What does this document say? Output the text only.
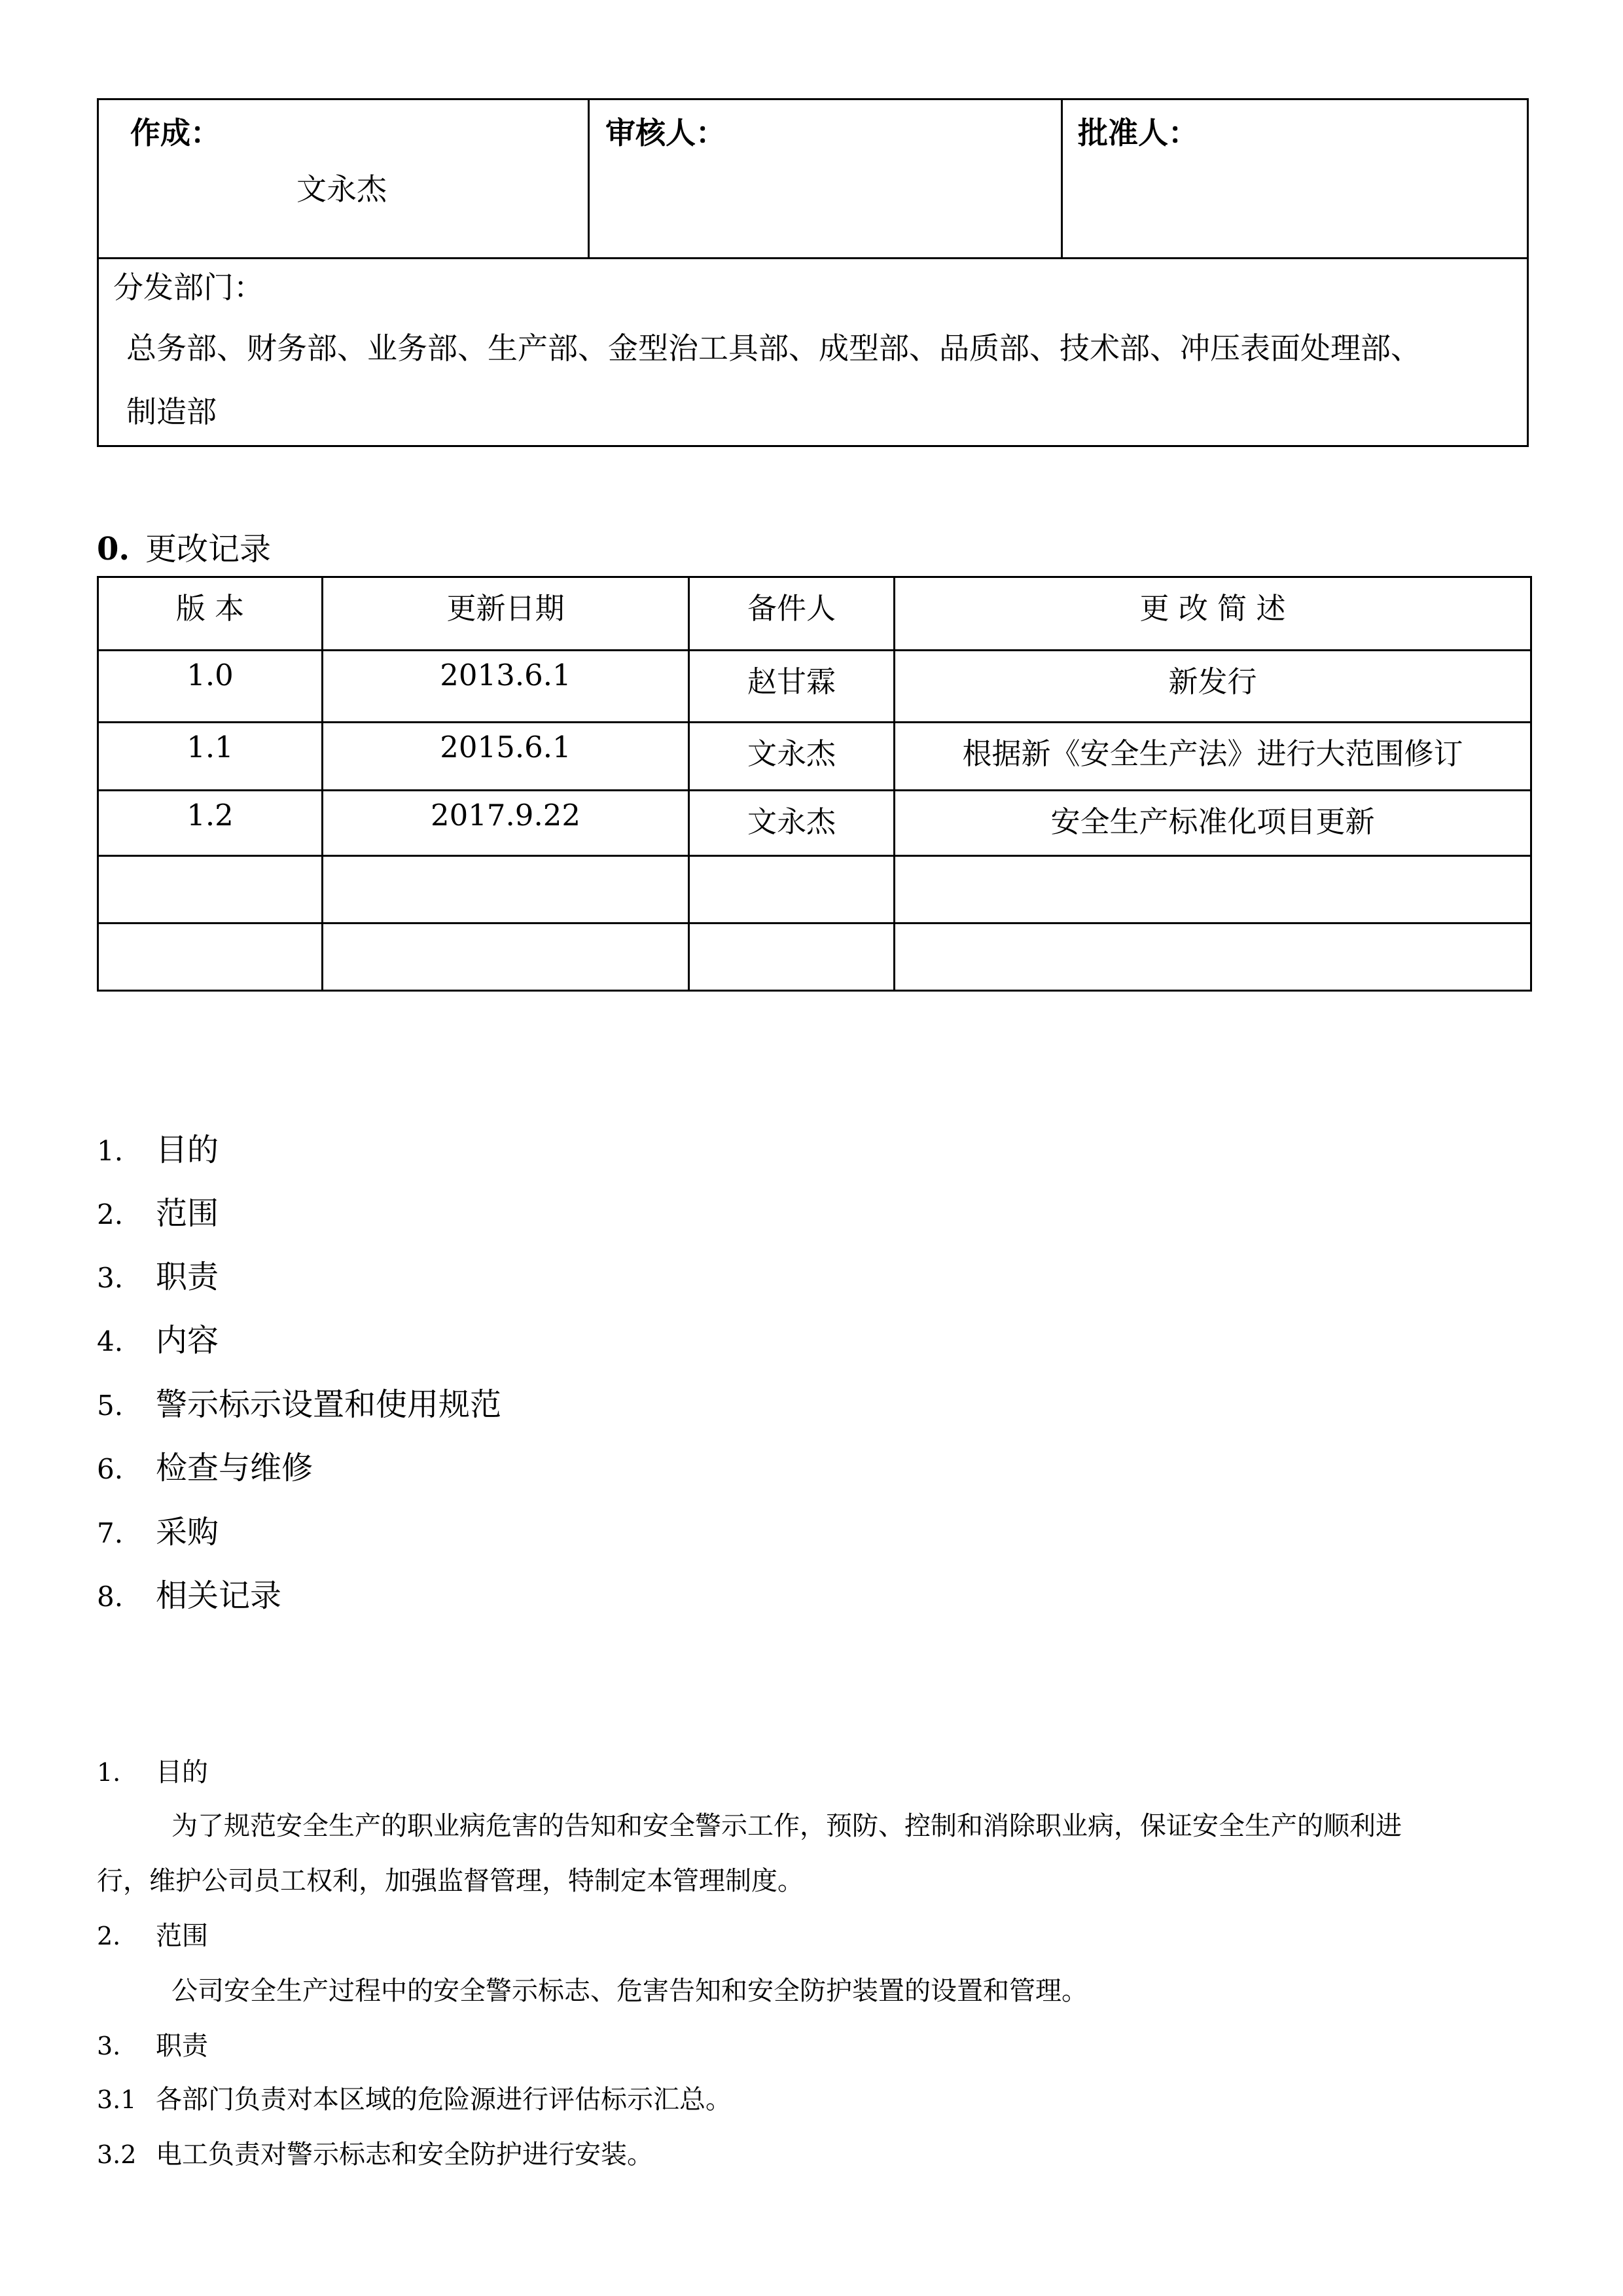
作成：
文永杰
审核人：	批准人：
分发部门：
总务部、财务部、业务部、生产部、金型治工具部、成型部、品质部、技术部、冲压表面处理部、
制造部
0. 更改记录
版 本	更新日期	备件人	更 改 简 述
1.0	2013.6.1	赵甘霖	新发行
1.1	2015.6.1	文永杰	根据新《安全生产法》进行大范围修订
1.2	2017.9.22	文永杰	安全生产标准化项目更新

1. 目的
2. 范围
3. 职责
4. 内容
5. 警示标示设置和使用规范
6. 检查与维修
7. 采购
8. 相关记录
1. 目的
为了规范安全生产的职业病危害的告知和安全警示工作，预防、控制和消除职业病，保证安全生产的顺利进
行，维护公司员工权利，加强监督管理，特制定本管理制度。
2. 范围
公司安全生产过程中的安全警示标志、危害告知和安全防护装置的设置和管理。
3. 职责
3.1 各部门负责对本区域的危险源进行评估标示汇总。
3.2 电工负责对警示标志和安全防护进行安装。
